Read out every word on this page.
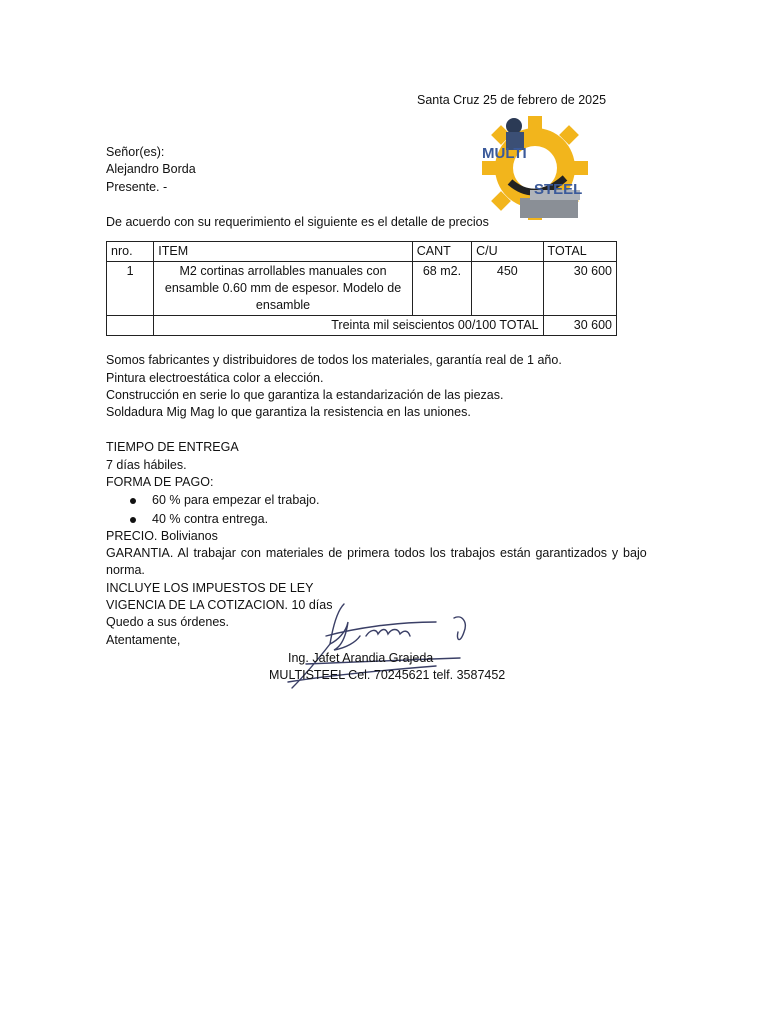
Santa Cruz 25 de febrero de 2025
MULTI
STEEL
Señor(es):
Alejandro Borda
Presente. -
De acuerdo con su requerimiento el siguiente es el detalle de precios
nro.	ITEM	CANT	C/U	TOTAL
1	M2 cortinas arrollables manuales con ensamble 0.60 mm de espesor. Modelo de ensamble	68 m2.	450	30 600
	Treinta mil seiscientos 00/100 TOTAL			30 600
Somos fabricantes y distribuidores de todos los materiales, garantía real de 1 año.
Pintura electroestática color a elección.
Construcción en serie lo que garantiza la estandarización de las piezas.
Soldadura Mig Mag lo que garantiza la resistencia en las uniones.
TIEMPO DE ENTREGA
7 días hábiles.
FORMA DE PAGO:
60 % para empezar el trabajo.
40 % contra entrega.
PRECIO. Bolivianos
GARANTIA. Al trabajar con materiales de primera todos los trabajos están garantizados y bajo
norma.
INCLUYE LOS IMPUESTOS DE LEY
VIGENCIA DE LA COTIZACION. 10 días
Quedo a sus órdenes.
Atentamente,
Ing. Jafet Arandia Grajeda
MULTISTEEL Cel. 70245621 telf. 3587452
